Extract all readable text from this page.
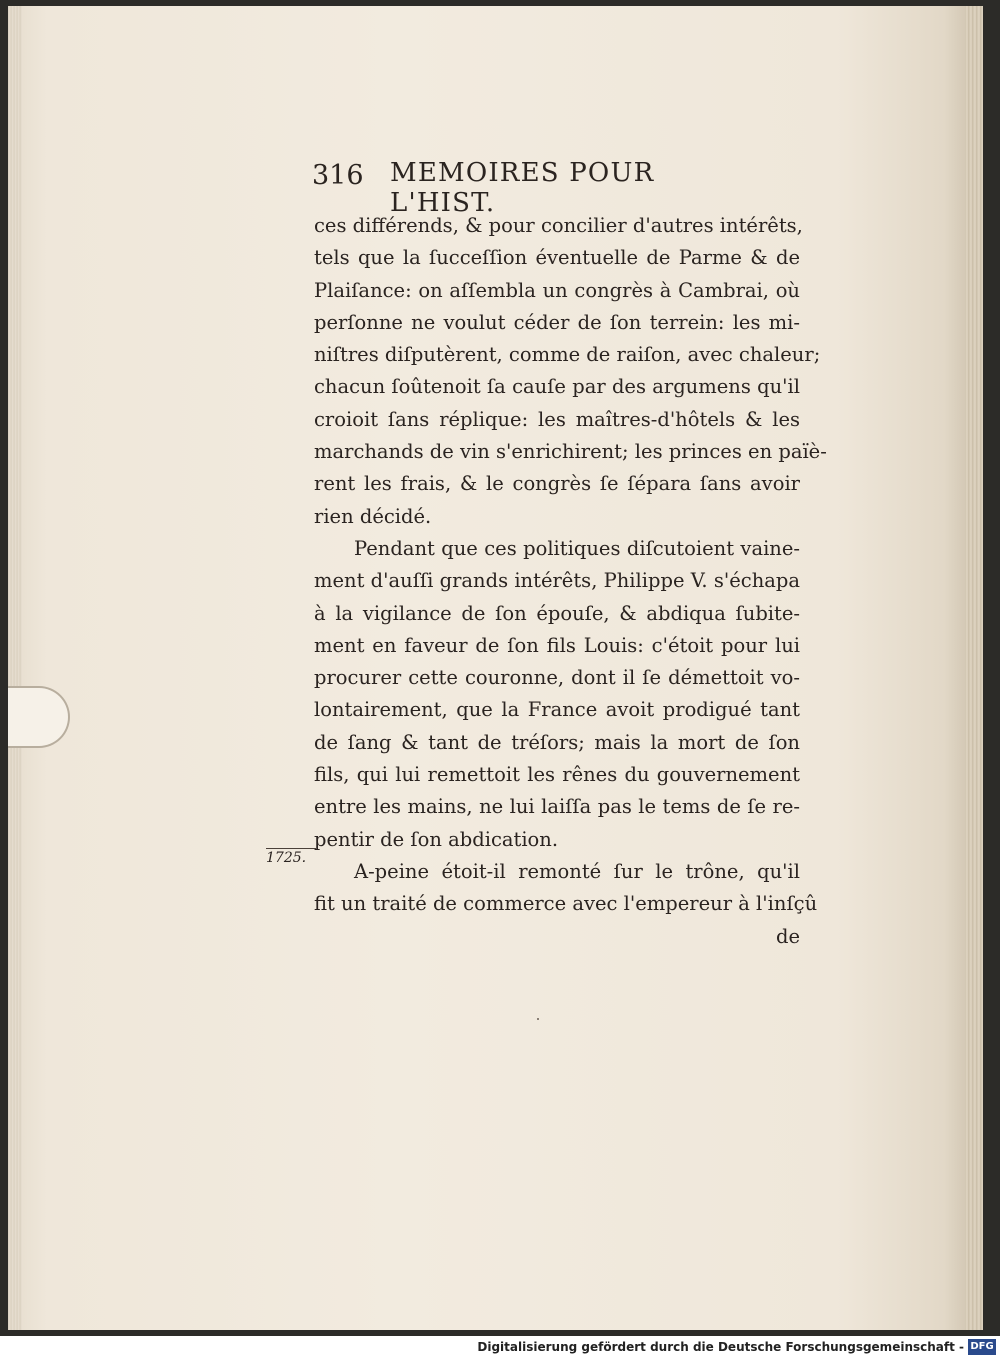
316 MEMOIRES POUR L'HIST.
1725.
ces différends, & pour concilier d'autres intérêts,
tels que la ſucceſſion éventuelle de Parme & de
Plaiſance: on aſſembla un congrès à Cambrai, où
perſonne ne voulut céder de ſon terrein: les mi-
niſtres diſputèrent, comme de raiſon, avec chaleur;
chacun ſoûtenoit ſa cauſe par des argumens qu'il
croioit ſans réplique: les maîtres-d'hôtels & les
marchands de vin s'enrichirent; les princes en païè-
rent les frais, & le congrès ſe ſépara ſans avoir
rien décidé.
Pendant que ces politiques diſcutoient vaine-
ment d'auſſi grands intérêts, Philippe V. s'échapa
à la vigilance de ſon épouſe, & abdiqua ſubite-
ment en faveur de ſon fils Louis: c'étoit pour lui
procurer cette couronne, dont il ſe démettoit vo-
lontairement, que la France avoit prodigué tant
de ſang & tant de tréſors; mais la mort de ſon
fils, qui lui remettoit les rênes du gouvernement
entre les mains, ne lui laiſſa pas le tems de ſe re-
pentir de ſon abdication.
A-peine étoit-il remonté ſur le trône, qu'il
fit un traité de commerce avec l'empereur à l'inſçû
de
Digitalisierung gefördert durch die Deutsche Forschungsgemeinschaft - DFG
